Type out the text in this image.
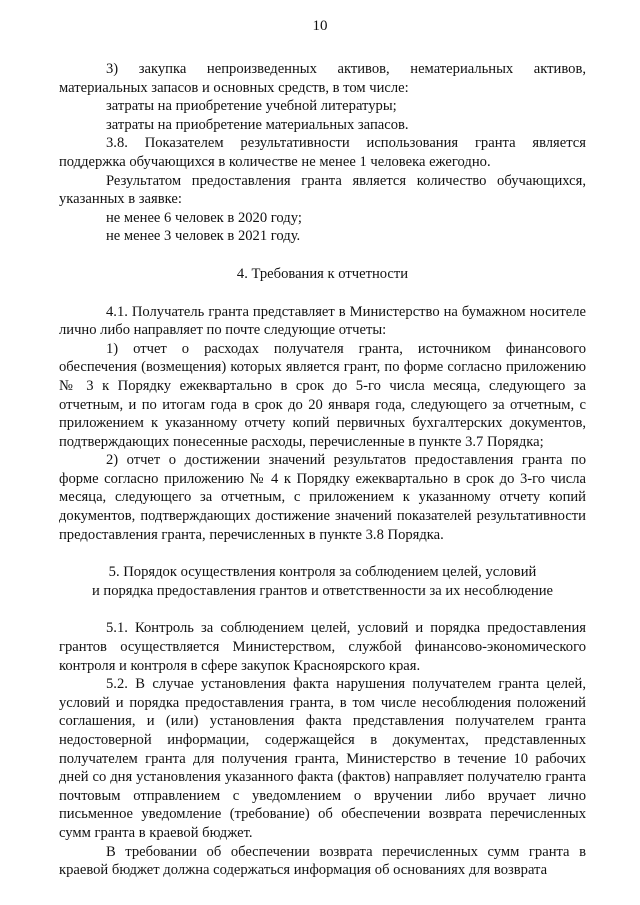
10

3) закупка непроизведенных активов, нематериальных активов, материальных запасов и основных средств, в том числе:

затраты на приобретение учебной литературы;

затраты на приобретение материальных запасов.

3.8. Показателем результативности использования гранта является поддержка обучающихся в количестве не менее 1 человека ежегодно.

Результатом предоставления гранта является количество обучающихся, указанных в заявке:

не менее 6 человек в 2020 году;

не менее 3 человек в 2021 году.

4. Требования к отчетности

4.1. Получатель гранта представляет в Министерство на бумажном носителе лично либо направляет по почте следующие отчеты:

1) отчет о расходах получателя гранта, источником финансового обеспечения (возмещения) которых является грант, по форме согласно приложению № 3 к Порядку ежеквартально в срок до 5-го числа месяца, следующего за отчетным, и по итогам года в срок до 20 января года, следующего за отчетным, с приложением к указанному отчету копий первичных бухгалтерских документов, подтверждающих понесенные расходы, перечисленные в пункте 3.7 Порядка;

2) отчет о достижении значений результатов предоставления гранта по форме согласно приложению № 4 к Порядку ежеквартально в срок до 3-го числа месяца, следующего за отчетным, с приложением к указанному отчету копий документов, подтверждающих достижение значений показателей результативности предоставления гранта, перечисленных в пункте 3.8 Порядка.

5. Порядок осуществления контроля за соблюдением целей, условий

и порядка предоставления грантов и ответственности за их несоблюдение

5.1. Контроль за соблюдением целей, условий и порядка предоставления грантов осуществляется Министерством, службой финансово-экономического контроля и контроля в сфере закупок Красноярского края.

5.2. В случае установления факта нарушения получателем гранта целей, условий и порядка предоставления гранта, в том числе несоблюдения положений соглашения, и (или) установления факта представления получателем гранта недостоверной информации, содержащейся в документах, представленных получателем гранта для получения гранта, Министерство в течение 10 рабочих дней со дня установления указанного факта (фактов) направляет получателю гранта почтовым отправлением с уведомлением о вручении либо вручает лично письменное уведомление (требование) об обеспечении возврата перечисленных сумм гранта в краевой бюджет.

В требовании об обеспечении возврата перечисленных сумм гранта в краевой бюджет должна содержаться информация об основаниях для возврата
